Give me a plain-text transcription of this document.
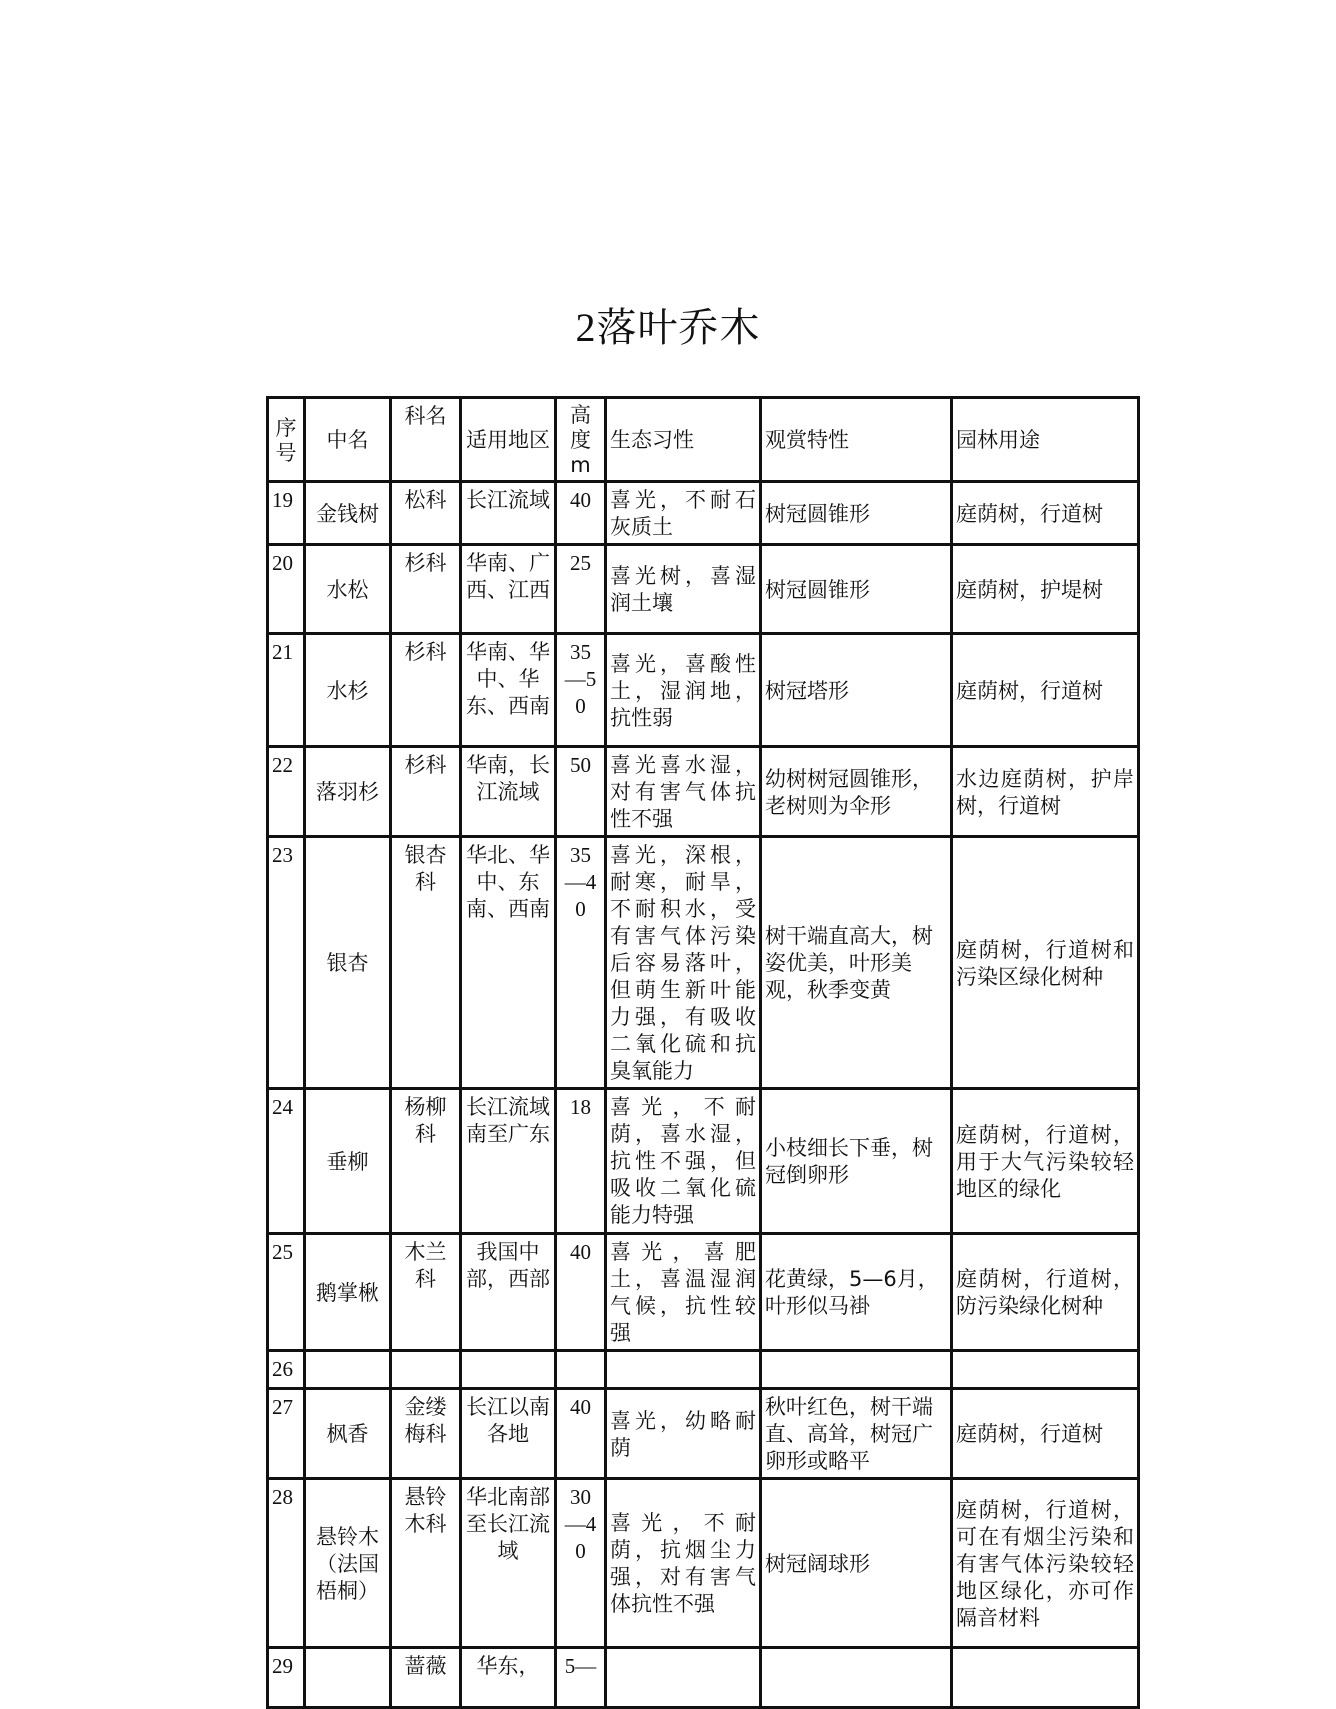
2落叶乔木
序号	中名	科名	适用地区	高度m	生态习性	观赏特性	园林用途
19	金钱树	松科	长江流域	40	喜光，不耐石灰质土	树冠圆锥形	庭荫树，行道树
20	水松	杉科	华南、广西、江西	25	喜光树，喜湿润土壤	树冠圆锥形	庭荫树，护堤树
21	水杉	杉科	华南、华中、华东、西南	35—50	喜光，喜酸性土，湿润地，抗性弱	树冠塔形	庭荫树，行道树
22	落羽杉	杉科	华南，长江流域	50	喜光喜水湿，对有害气体抗性不强	幼树树冠圆锥形，老树则为伞形	水边庭荫树，护岸树，行道树
23	银杏	银杏科	华北、华中、东南、西南	35—40	喜光，深根，耐寒，耐旱，不耐积水，受有害气体污染后容易落叶，但萌生新叶能力强，有吸收二氧化硫和抗臭氧能力	树干端直高大，树姿优美，叶形美观，秋季变黄	庭荫树，行道树和污染区绿化树种
24	垂柳	杨柳科	长江流域南至广东	18	喜光，不耐荫，喜水湿，抗性不强，但吸收二氧化硫能力特强	小枝细长下垂，树冠倒卵形	庭荫树，行道树，用于大气污染较轻地区的绿化
25	鹅掌楸	木兰科	我国中部，西部	40	喜光，喜肥土，喜温湿润气候，抗性较强	花黄绿，5—6月，叶形似马褂	庭荫树，行道树，防污染绿化树种
26							
27	枫香	金缕梅科	长江以南各地	40	喜光，幼略耐荫	秋叶红色，树干端直、高耸，树冠广卵形或略平	庭荫树，行道树
28	悬铃木（法国梧桐）	悬铃木科	华北南部至长江流域	30—40	喜光，不耐荫，抗烟尘力强，对有害气体抗性不强	树冠阔球形	庭荫树，行道树，可在有烟尘污染和有害气体污染较轻地区绿化，亦可作隔音材料
29		蔷薇	华东，	5—			
